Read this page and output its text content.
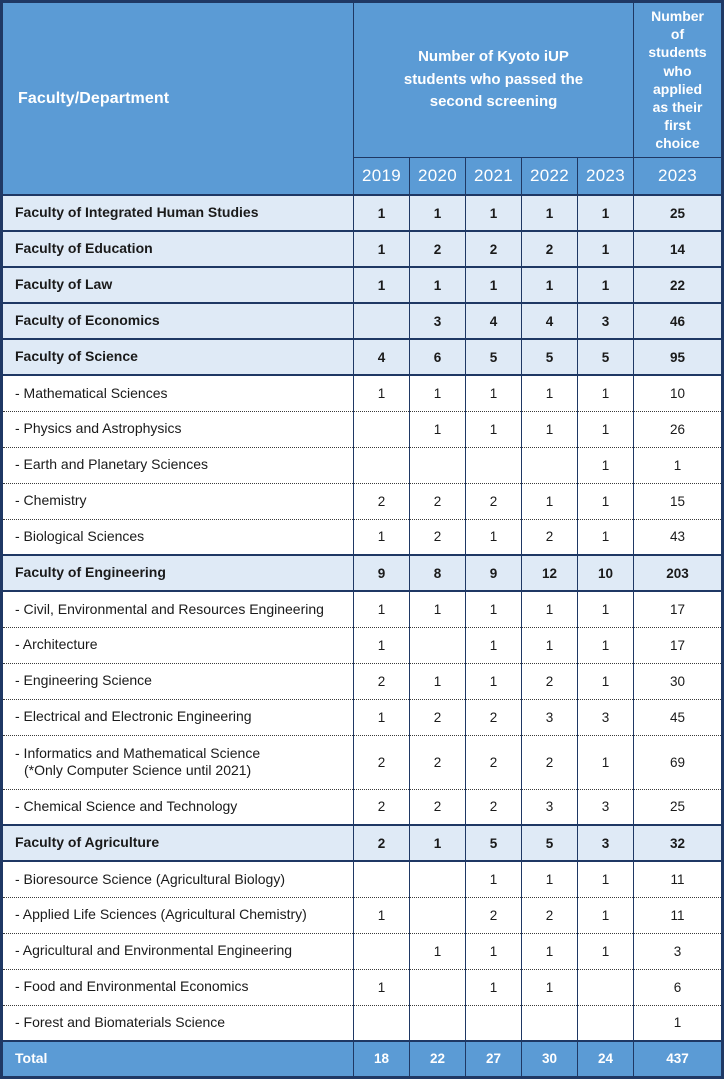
Faculty/Department	Number of Kyoto iUP students who passed the second screening					Number of students who applied as their first choice
	2019	2020	2021	2022	2023	2023

Faculty of Integrated Human Studies	1	1	1	1	1	25

Faculty of Education	1	2	2	2	1	14

Faculty of Law	1	1	1	1	1	22

Faculty of Economics		3	4	4	3	46

Faculty of Science	4	6	5	5	5	95

- Mathematical Sciences	1	1	1	1	1	10

- Physics and Astrophysics		1	1	1	1	26

- Earth and Planetary Sciences					1	1

- Chemistry	2	2	2	1	1	15

- Biological Sciences	1	2	1	2	1	43

Faculty of Engineering	9	8	9	12	10	203

- Civil, Environmental and Resources Engineering	1	1	1	1	1	17

- Architecture	1		1	1	1	17

- Engineering Science	2	1	1	2	1	30

- Electrical and Electronic Engineering	1	2	2	3	3	45

- Informatics and Mathematical Science
(*Only Computer Science until 2021)	2	2	2	2	1	69

- Chemical Science and Technology	2	2	2	3	3	25

Faculty of Agriculture	2	1	5	5	3	32

- Bioresource Science (Agricultural Biology)			1	1	1	11

- Applied Life Sciences (Agricultural Chemistry)	1		2	2	1	11

- Agricultural and Environmental Engineering		1	1	1	1	3

- Food and Environmental Economics	1		1	1		6

- Forest and Biomaterials Science						1
Total	18	22	27	30	24	437
